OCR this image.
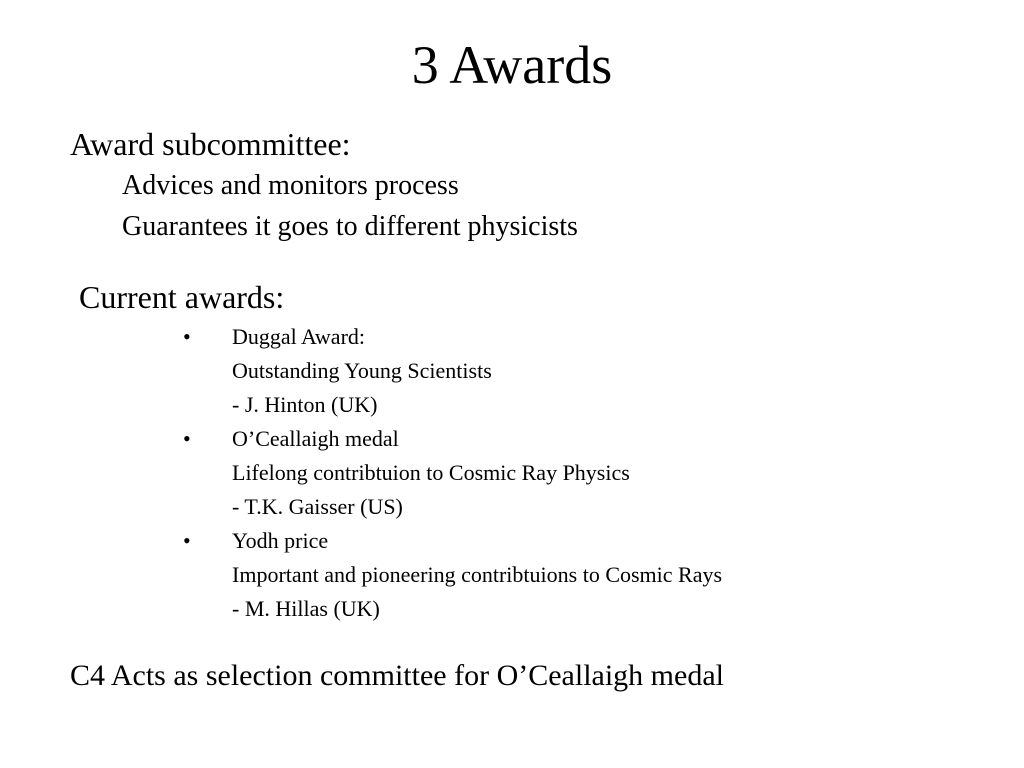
3 Awards
Award subcommittee:
Advices and monitors process
Guarantees it goes to different physicists
Current awards:
• Duggal Award:
Outstanding Young Scientists
- J. Hinton (UK)
• O’Ceallaigh medal
Lifelong contribtuion to Cosmic Ray Physics
- T.K. Gaisser (US)
• Yodh price
Important and pioneering contribtuions to Cosmic Rays
- M. Hillas (UK)
C4 Acts as selection committee for O’Ceallaigh medal
